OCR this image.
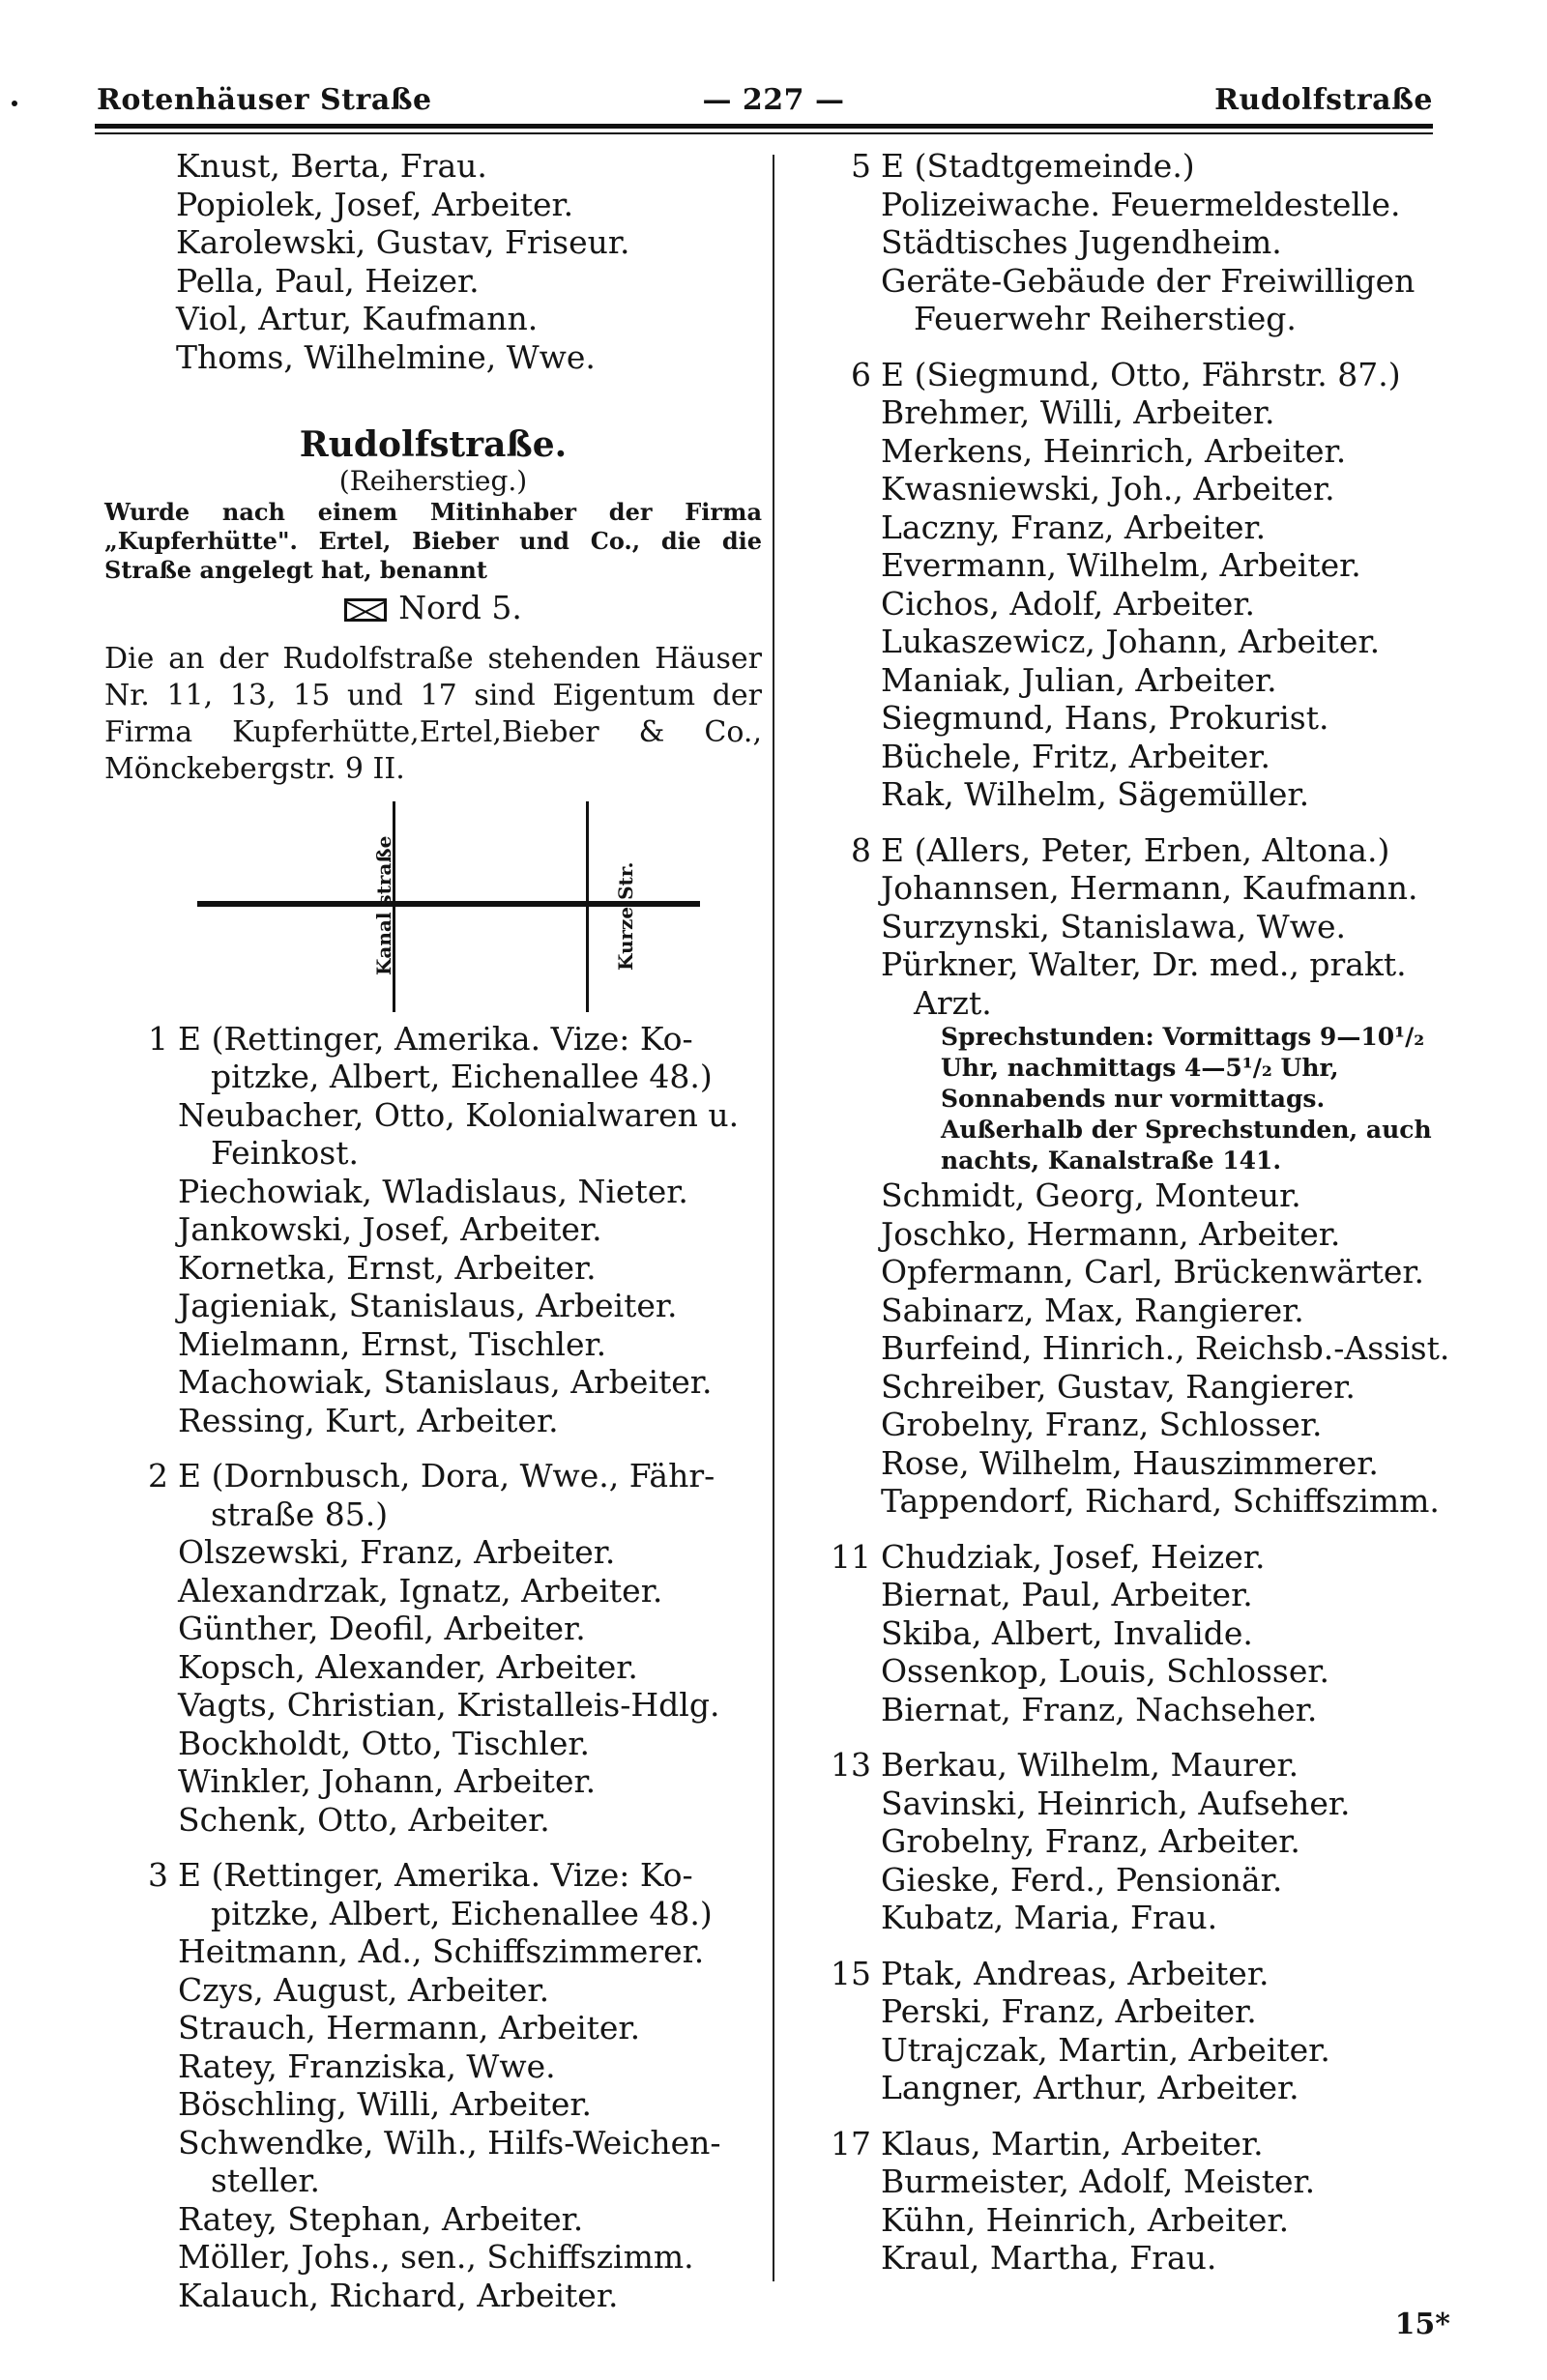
Rotenhäuser Straße	— 227 —	Rudolfstraße
Knust, Berta, Frau.
Popiolek, Josef, Arbeiter.
Karolewski, Gustav, Friseur.
Pella, Paul, Heizer.
Viol, Artur, Kaufmann.
Thoms, Wilhelmine, Wwe.
Rudolfstraße.
(Reiherstieg.)
Wurde nach einem Mitinhaber der Firma „Kupferhütte". Ertel, Bieber und Co., die die Straße angelegt hat, benannt
Nord 5.
Die an der Rudolfstraße stehenden Häuser Nr. 11, 13, 15 und 17 sind Eigentum der Firma Kupferhütte,Ertel,Bieber & Co., Mönckebergstr. 9 II.
Kanal straße	Kurze Str.
1 E (Rettinger, Amerika. Vize: Ko-
pitzke, Albert, Eichenallee 48.)
Neubacher, Otto, Kolonialwaren u.
Feinkost.
Piechowiak, Wladislaus, Nieter.
Jankowski, Josef, Arbeiter.
Kornetka, Ernst, Arbeiter.
Jagieniak, Stanislaus, Arbeiter.
Mielmann, Ernst, Tischler.
Machowiak, Stanislaus, Arbeiter.
Ressing, Kurt, Arbeiter.
2 E (Dornbusch, Dora, Wwe., Fähr-
straße 85.)
Olszewski, Franz, Arbeiter.
Alexandrzak, Ignatz, Arbeiter.
Günther, Deofil, Arbeiter.
Kopsch, Alexander, Arbeiter.
Vagts, Christian, Kristalleis-Hdlg.
Bockholdt, Otto, Tischler.
Winkler, Johann, Arbeiter.
Schenk, Otto, Arbeiter.
3 E (Rettinger, Amerika. Vize: Ko-
pitzke, Albert, Eichenallee 48.)
Heitmann, Ad., Schiffszimmerer.
Czys, August, Arbeiter.
Strauch, Hermann, Arbeiter.
Ratey, Franziska, Wwe.
Böschling, Willi, Arbeiter.
Schwendke, Wilh., Hilfs-Weichen-
steller.
Ratey, Stephan, Arbeiter.
Möller, Johs., sen., Schiffszimm.
Kalauch, Richard, Arbeiter.
5 E (Stadtgemeinde.)
Polizeiwache. Feuermeldestelle.
Städtisches Jugendheim.
Geräte-Gebäude der Freiwilligen
Feuerwehr Reiherstieg.
6 E (Siegmund, Otto, Fährstr. 87.)
Brehmer, Willi, Arbeiter.
Merkens, Heinrich, Arbeiter.
Kwasniewski, Joh., Arbeiter.
Laczny, Franz, Arbeiter.
Evermann, Wilhelm, Arbeiter.
Cichos, Adolf, Arbeiter.
Lukaszewicz, Johann, Arbeiter.
Maniak, Julian, Arbeiter.
Siegmund, Hans, Prokurist.
Büchele, Fritz, Arbeiter.
Rak, Wilhelm, Sägemüller.
8 E (Allers, Peter, Erben, Altona.)
Johannsen, Hermann, Kaufmann.
Surzynski, Stanislawa, Wwe.
Pürkner, Walter, Dr. med., prakt.
Arzt.
Sprechstunden: Vormittags 9—10¹/₂ Uhr, nachmittags 4—5¹/₂ Uhr, Sonnabends nur vormittags. Außerhalb der Sprechstunden, auch nachts, Kanalstraße 141.
Schmidt, Georg, Monteur.
Joschko, Hermann, Arbeiter.
Opfermann, Carl, Brückenwärter.
Sabinarz, Max, Rangierer.
Burfeind, Hinrich., Reichsb.-Assist.
Schreiber, Gustav, Rangierer.
Grobelny, Franz, Schlosser.
Rose, Wilhelm, Hauszimmerer.
Tappendorf, Richard, Schiffszimm.
11 Chudziak, Josef, Heizer.
Biernat, Paul, Arbeiter.
Skiba, Albert, Invalide.
Ossenkop, Louis, Schlosser.
Biernat, Franz, Nachseher.
13 Berkau, Wilhelm, Maurer.
Savinski, Heinrich, Aufseher.
Grobelny, Franz, Arbeiter.
Gieske, Ferd., Pensionär.
Kubatz, Maria, Frau.
15 Ptak, Andreas, Arbeiter.
Perski, Franz, Arbeiter.
Utrajczak, Martin, Arbeiter.
Langner, Arthur, Arbeiter.
17 Klaus, Martin, Arbeiter.
Burmeister, Adolf, Meister.
Kühn, Heinrich, Arbeiter.
Kraul, Martha, Frau.
15*
